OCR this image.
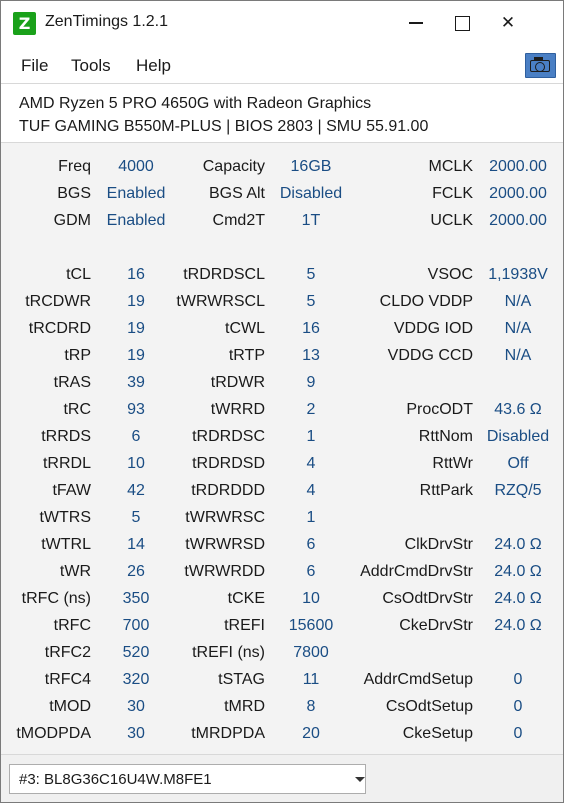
Z ZenTimings 1.2.1	✕
File Tools Help
AMD Ryzen 5 PRO 4650G with Radeon Graphics
TUF GAMING B550M-PLUS | BIOS 2803 | SMU 55.91.00
Freq	4000	Capacity	16GB	MCLK	2000.00
BGS Enabled	BGS Alt Disabled	FCLK	2000.00
GDM Enabled	Cmd2T	1T	UCLK	2000.00
tCL	16	tRDRDSCL	5	VSOC 1,1938V
tRCDWR	19	tWRWRSCL	5	CLDO VDDP	N/A
tRCDRD	19	tCWL	16	VDDG IOD	N/A
tRP	19	tRTP	13	VDDG CCD	N/A
tRAS	39	tRDWR	9
tRC	93	tWRRD	2	ProcODT	43.6 Ω
tRRDS	6	tRDRDSC	1	RttNom Disabled
tRRDL	10	tRDRDSD	4	RttWr	Off
tFAW	42	tRDRDDD	4	RttPark	RZQ/5
tWTRS	5	tWRWRSC	1
tWTRL	14	tWRWRSD	6	ClkDrvStr	24.0 Ω
tWR	26	tWRWRDD	6	AddrCmdDrvStr	24.0 Ω
tRFC (ns)	350	tCKE	10	CsOdtDrvStr	24.0 Ω
tRFC	700	tREFI	15600	CkeDrvStr	24.0 Ω
tRFC2	520	tREFI (ns)	7800
tRFC4	320	tSTAG	11	AddrCmdSetup	0
tMOD	30	tMRD	8	CsOdtSetup	0
tMODPDA	30	tMRDPDA	20	CkeSetup	0
#3: BL8G36C16U4W.M8FE1
